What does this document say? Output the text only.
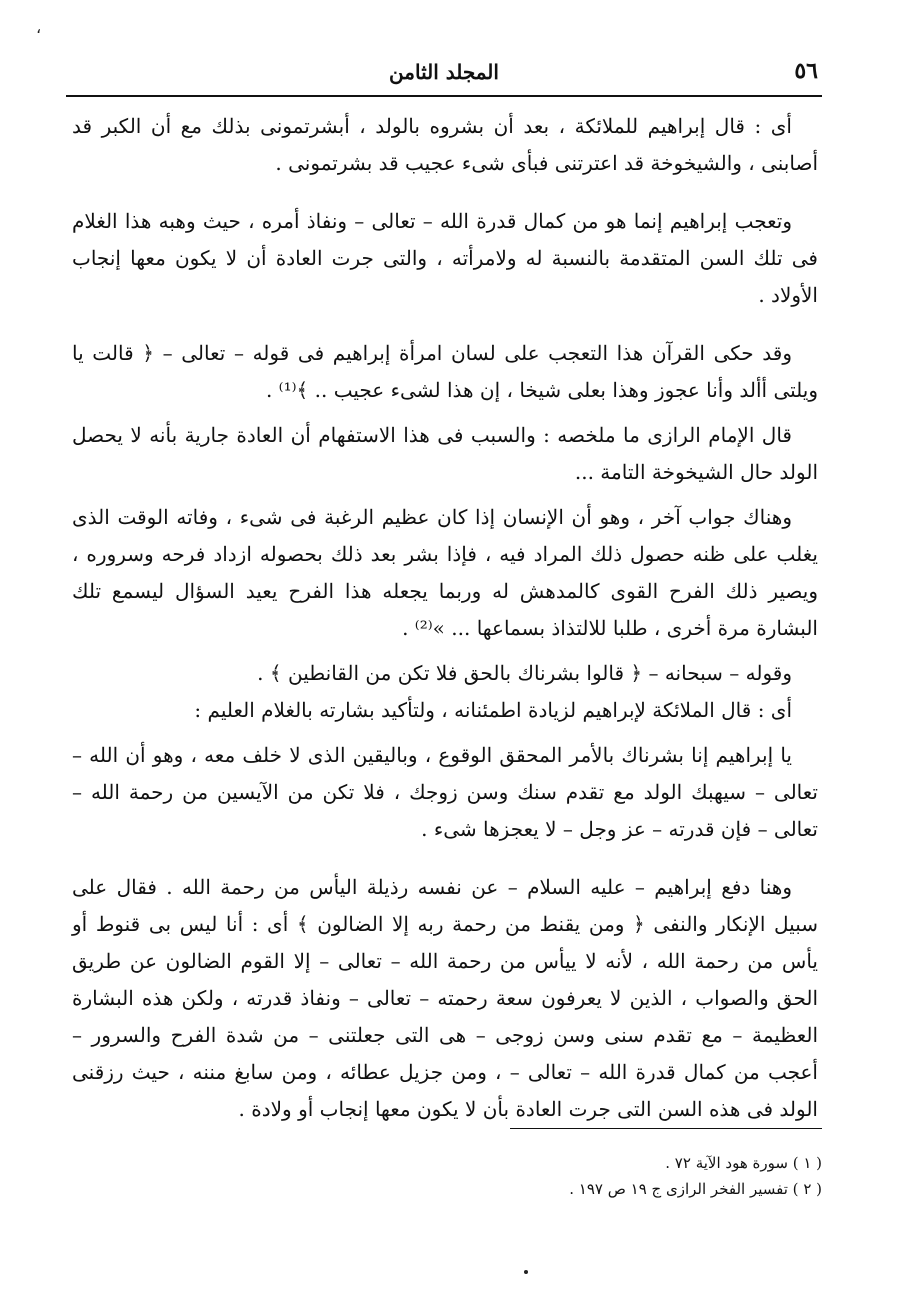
،
٥٦
المجلد الثامن

أى : قال إبراهيم للملائكة ، بعد أن بشروه بالولد ، أبشرتمونى بذلك مع أن الكبر قد أصابنى ، والشيخوخة قد اعترتنى فبأى شىء عجيب قد بشرتمونى .

وتعجب إبراهيم إنما هو من كمال قدرة الله – تعالى – ونفاذ أمره ، حيث وهبه هذا الغلام فى تلك السن المتقدمة بالنسبة له ولامرأته ، والتى جرت العادة أن لا يكون معها إنجاب الأولاد .

وقد حكى القرآن هذا التعجب على لسان امرأة إبراهيم فى قوله – تعالى – ﴿ قالت يا ويلتى أألد وأنا عجوز وهذا بعلى شيخا ، إن هذا لشىء عجيب .. ﴾⁽¹⁾ .

قال الإمام الرازى ما ملخصه : والسبب فى هذا الاستفهام أن العادة جارية بأنه لا يحصل الولد حال الشيخوخة التامة ...

وهناك جواب آخر ، وهو أن الإنسان إذا كان عظيم الرغبة فى شىء ، وفاته الوقت الذى يغلب على ظنه حصول ذلك المراد فيه ، فإذا بشر بعد ذلك بحصوله ازداد فرحه وسروره ، ويصير ذلك الفرح القوى كالمدهش له وربما يجعله هذا الفرح يعيد السؤال ليسمع تلك البشارة مرة أخرى ، طلبا للالتذاذ بسماعها ... »⁽²⁾ .

وقوله – سبحانه – ﴿ قالوا بشرناك بالحق فلا تكن من القانطين ﴾ .

أى : قال الملائكة لإبراهيم لزيادة اطمئنانه ، ولتأكيد بشارته بالغلام العليم :

يا إبراهيم إنا بشرناك بالأمر المحقق الوقوع ، وباليقين الذى لا خلف معه ، وهو أن الله – تعالى – سيهبك الولد مع تقدم سنك وسن زوجك ، فلا تكن من الآيسين من رحمة الله – تعالى – فإن قدرته – عز وجل – لا يعجزها شىء .

وهنا دفع إبراهيم – عليه السلام – عن نفسه رذيلة اليأس من رحمة الله . فقال على سبيل الإنكار والنفى ﴿ ومن يقنط من رحمة ربه إلا الضالون ﴾ أى : أنا ليس بى قنوط أو يأس من رحمة الله ، لأنه لا ييأس من رحمة الله – تعالى – إلا القوم الضالون عن طريق الحق والصواب ، الذين لا يعرفون سعة رحمته – تعالى – ونفاذ قدرته ، ولكن هذه البشارة العظيمة – مع تقدم سنى وسن زوجى – هى التى جعلتنى – من شدة الفرح والسرور – أعجب من كمال قدرة الله – تعالى – ، ومن جزيل عطائه ، ومن سابغ مننه ، حيث رزقنى الولد فى هذه السن التى جرت العادة بأن لا يكون معها إنجاب أو ولادة .

( ١ ) سورة هود الآية ٧٢ .
( ٢ ) تفسير الفخر الرازى ج ١٩ ص ١٩٧ .
